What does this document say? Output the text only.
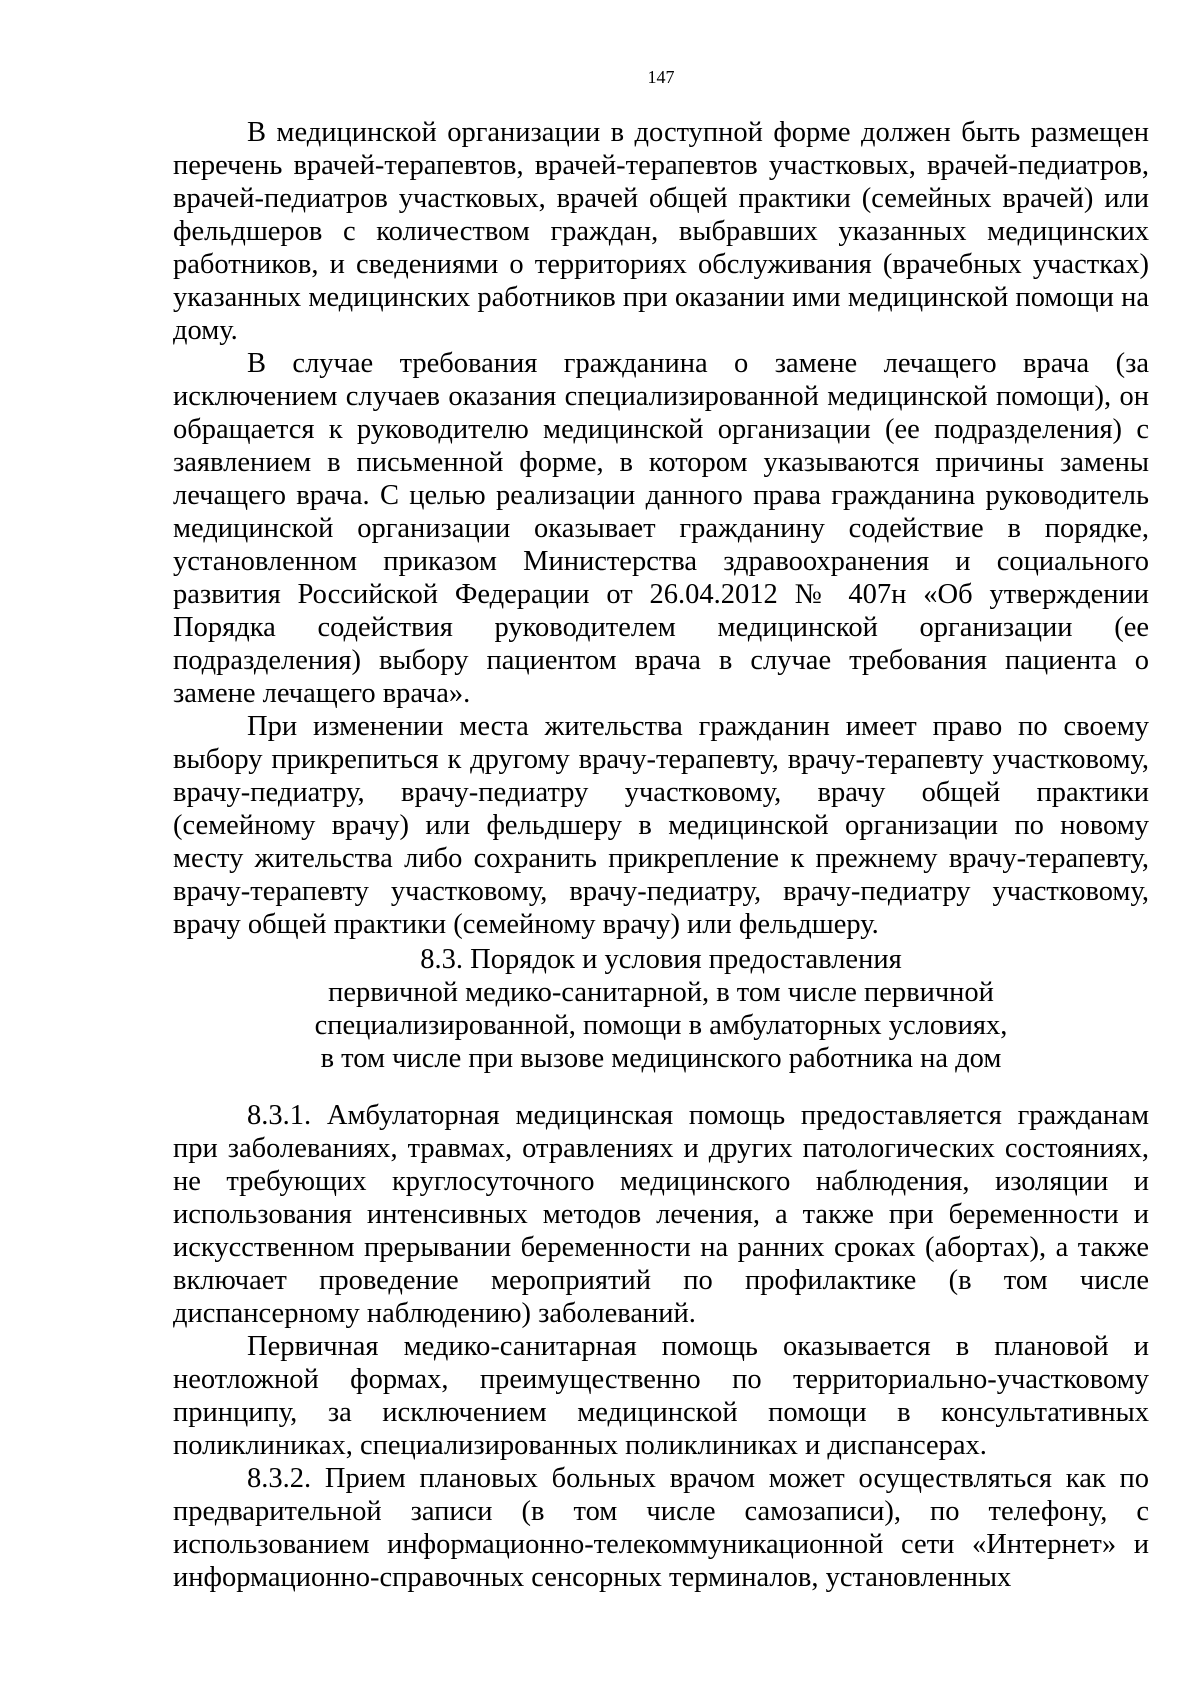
147

В медицинской организации в доступной форме должен быть размещен перечень врачей-терапевтов, врачей-терапевтов участковых, врачей-педиатров, врачей-педиатров участковых, врачей общей практики (семейных врачей) или фельдшеров с количеством граждан, выбравших указанных медицинских работников, и сведениями о территориях обслуживания (врачебных участках) указанных медицинских работников при оказании ими медицинской помощи на дому.

В случае требования гражданина о замене лечащего врача (за исключением случаев оказания специализированной медицинской помощи), он обращается к руководителю медицинской организации (ее подразделения) с заявлением в письменной форме, в котором указываются причины замены лечащего врача. С целью реализации данного права гражданина руководитель медицинской организации оказывает гражданину содействие в порядке, установленном приказом Министерства здравоохранения и социального развития Российской Федерации от 26.04.2012 № 407н «Об утверждении Порядка содействия руководителем медицинской организации (ее подразделения) выбору пациентом врача в случае требования пациента о замене лечащего врача».

При изменении места жительства гражданин имеет право по своему выбору прикрепиться к другому врачу-терапевту, врачу-терапевту участковому, врачу-педиатру, врачу-педиатру участковому, врачу общей практики (семейному врачу) или фельдшеру в медицинской организации по новому месту жительства либо сохранить прикрепление к прежнему врачу-терапевту, врачу-терапевту участковому, врачу-педиатру, врачу-педиатру участковому, врачу общей практики (семейному врачу) или фельдшеру.

8.3. Порядок и условия предоставления
первичной медико-санитарной, в том числе первичной
специализированной, помощи в амбулаторных условиях,
в том числе при вызове медицинского работника на дом

8.3.1. Амбулаторная медицинская помощь предоставляется гражданам при заболеваниях, травмах, отравлениях и других патологических состояниях, не требующих круглосуточного медицинского наблюдения, изоляции и использования интенсивных методов лечения, а также при беременности и искусственном прерывании беременности на ранних сроках (абортах), а также включает проведение мероприятий по профилактике (в том числе диспансерному наблюдению) заболеваний.

Первичная медико-санитарная помощь оказывается в плановой и неотложной формах, преимущественно по территориально-участковому принципу, за исключением медицинской помощи в консультативных поликлиниках, специализированных поликлиниках и диспансерах.

8.3.2. Прием плановых больных врачом может осуществляться как по предварительной записи (в том числе самозаписи), по телефону, с использованием информационно-телекоммуникационной сети «Интернет» и информационно-справочных сенсорных терминалов, установленных
